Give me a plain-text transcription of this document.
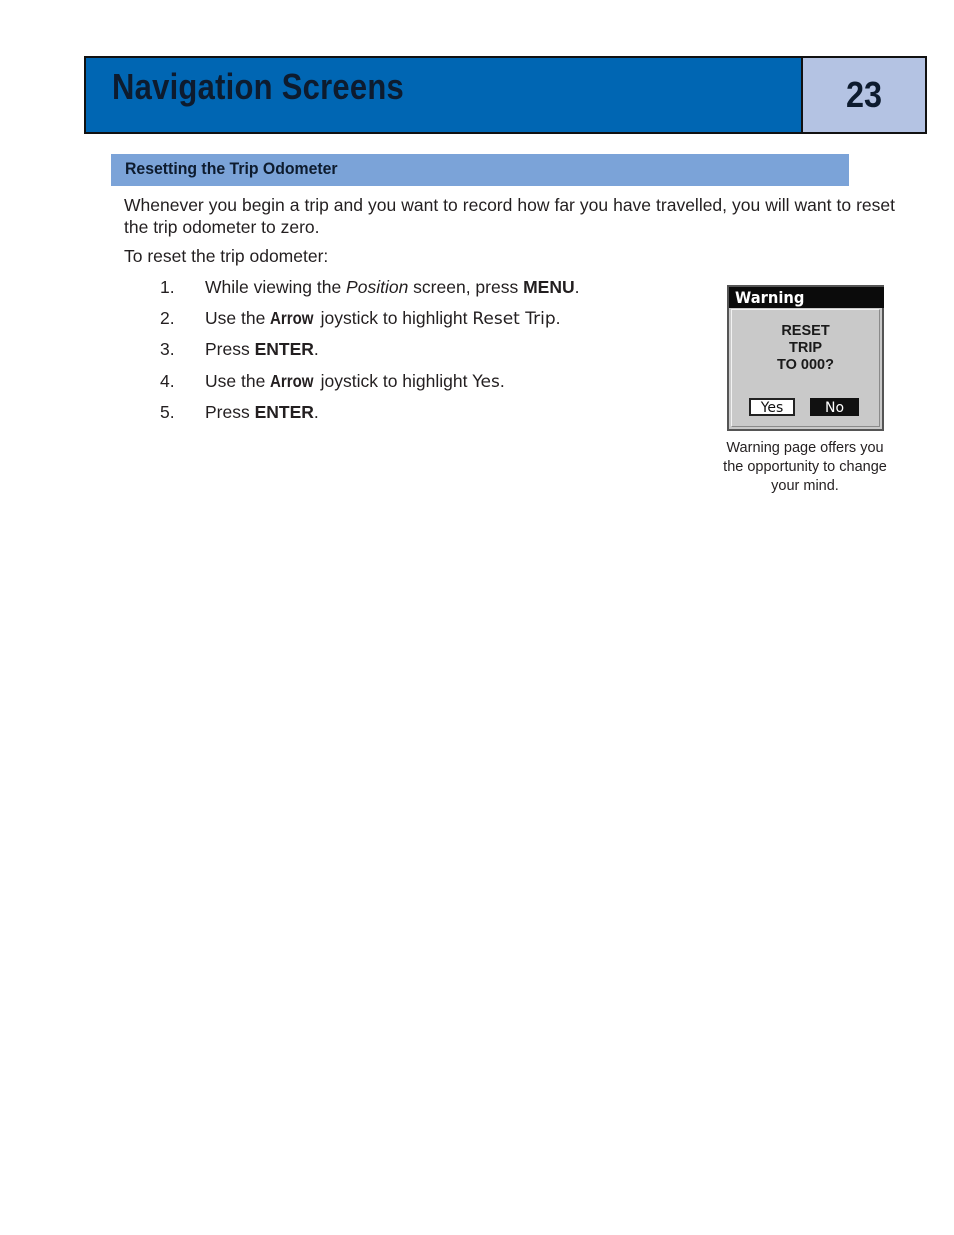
Navigation Screens	23
Resetting the Trip Odometer
Whenever you begin a trip and you want to record how far you have travelled, you will want to reset the trip odometer to zero.
To reset the trip odometer:
1. While viewing the Position screen, press MENU.
2. Use the Arrow joystick to highlight Reset Trip.
3. Press ENTER.
4. Use the Arrow joystick to highlight Yes.
5. Press ENTER.
Warning
RESET
TRIP
TO 000?
Yes	No
Warning page offers you
the opportunity to change
your mind.
